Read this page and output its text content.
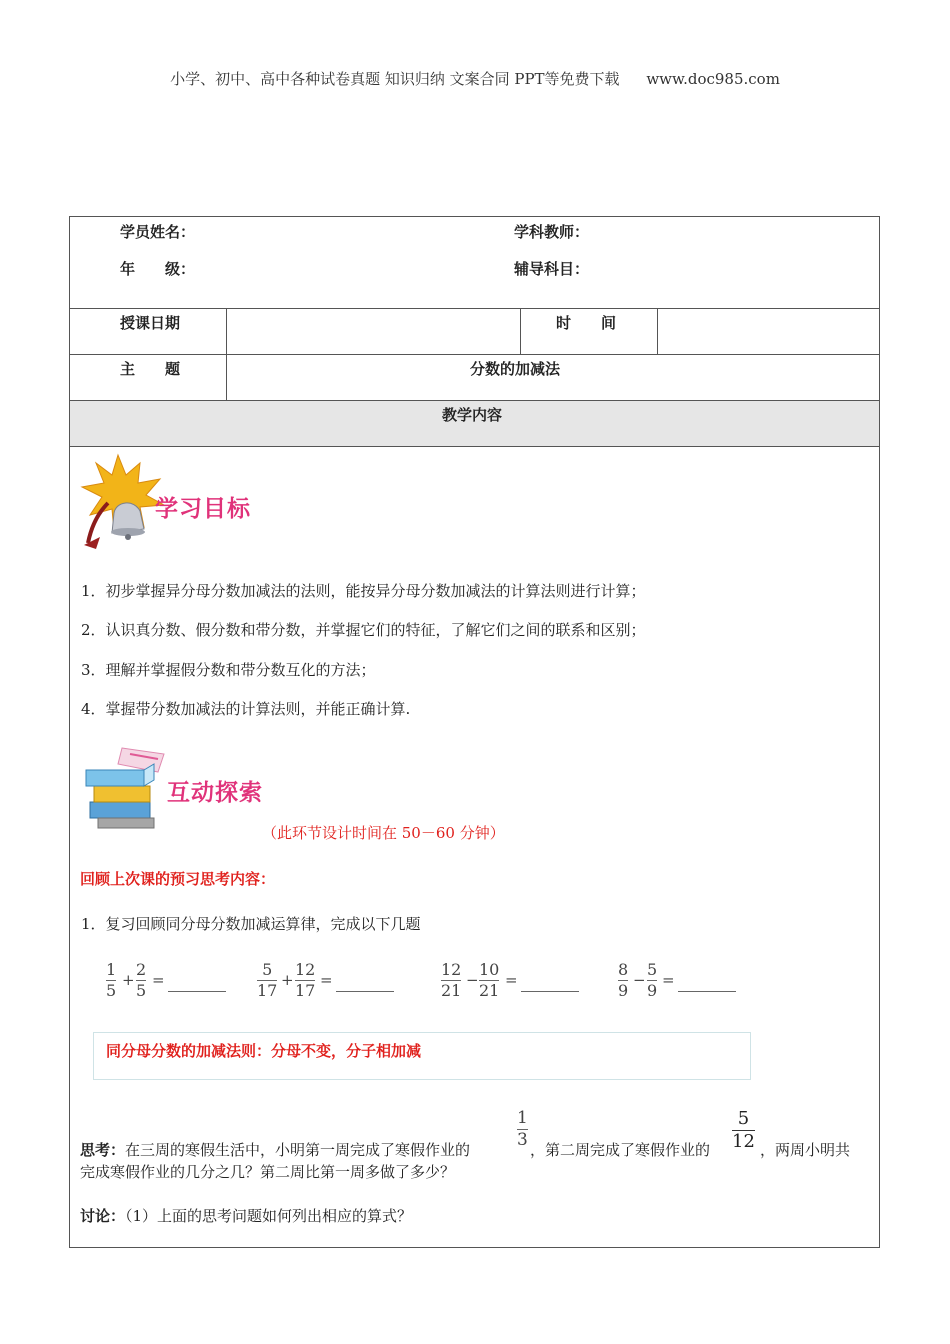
小学、初中、高中各种试卷真题 知识归纳 文案合同 PPT等免费下载 www.doc985.com
学员姓名：	学科教师：
年　　级：	辅导科目：
授课日期	时　　间
主　　题	分数的加减法
教学内容
学习目标
1．初步掌握异分母分数加减法的法则，能按异分母分数加减法的计算法则进行计算；
2．认识真分数、假分数和带分数，并掌握它们的特征，了解它们之间的联系和区别；
3．理解并掌握假分数和带分数互化的方法；
4．掌握带分数加减法的计算法则，并能正确计算.
互动探索
（此环节设计时间在 50－60 分钟）
回顾上次课的预习思考内容：
1．复习回顾同分母分数加减运算律，完成以下几题
1
5
+
2
5
=
5
17
+
12
17
=
12
21
−
10
21
=
8
9
−
5
9
=
同分母分数的加减法则：分母不变，分子相加减
思考：在三周的寒假生活中，小明第一周完成了寒假作业的
1
3 ，第二周完成了寒假作业的
5
12 ，两周小明共
完成寒假作业的几分之几？第二周比第一周多做了多少？
讨论：（1）上面的思考问题如何列出相应的算式？
